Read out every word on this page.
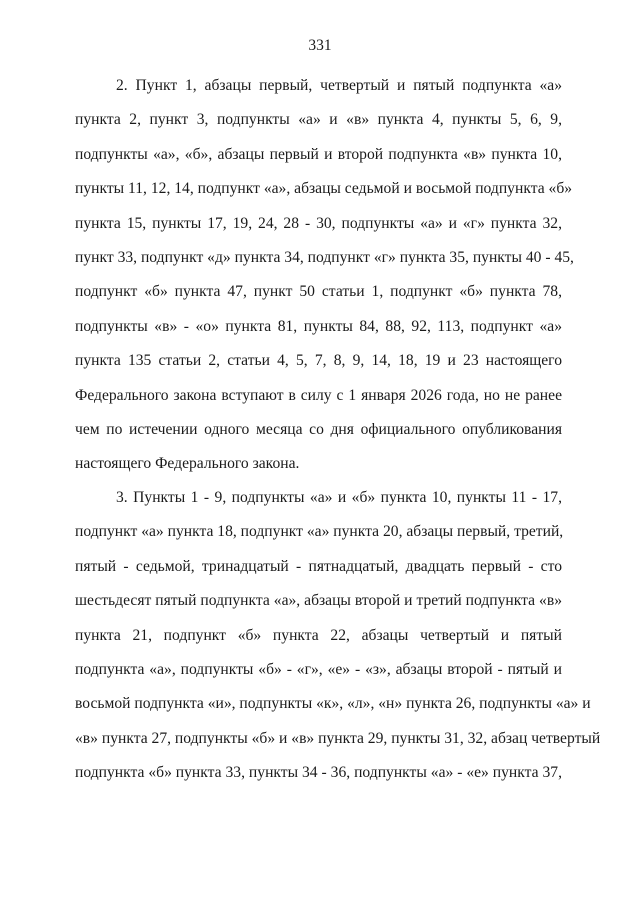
331
2. Пункт 1, абзацы первый, четвертый и пятый подпункта «а»
пункта 2, пункт 3, подпункты «а» и «в» пункта 4, пункты 5, 6, 9,
подпункты «а», «б», абзацы первый и второй подпункта «в» пункта 10,
пункты 11, 12, 14, подпункт «а», абзацы седьмой и восьмой подпункта «б»
пункта 15, пункты 17, 19, 24, 28 - 30, подпункты «а» и «г» пункта 32,
пункт 33, подпункт «д» пункта 34, подпункт «г» пункта 35, пункты 40 - 45,
подпункт «б» пункта 47, пункт 50 статьи 1, подпункт «б» пункта 78,
подпункты «в» - «о» пункта 81, пункты 84, 88, 92, 113, подпункт «а»
пункта 135 статьи 2, статьи 4, 5, 7, 8, 9, 14, 18, 19 и 23 настоящего
Федерального закона вступают в силу с 1 января 2026 года, но не ранее
чем по истечении одного месяца со дня официального опубликования
настоящего Федерального закона.
3. Пункты 1 - 9, подпункты «а» и «б» пункта 10, пункты 11 - 17,
подпункт «а» пункта 18, подпункт «а» пункта 20, абзацы первый, третий,
пятый - седьмой, тринадцатый - пятнадцатый, двадцать первый - сто
шестьдесят пятый подпункта «а», абзацы второй и третий подпункта «в»
пункта 21, подпункт «б» пункта 22, абзацы четвертый и пятый
подпункта «а», подпункты «б» - «г», «е» - «з», абзацы второй - пятый и
восьмой подпункта «и», подпункты «к», «л», «н» пункта 26, подпункты «а» и
«в» пункта 27, подпункты «б» и «в» пункта 29, пункты 31, 32, абзац четвертый
подпункта «б» пункта 33, пункты 34 - 36, подпункты «а» - «е» пункта 37,
